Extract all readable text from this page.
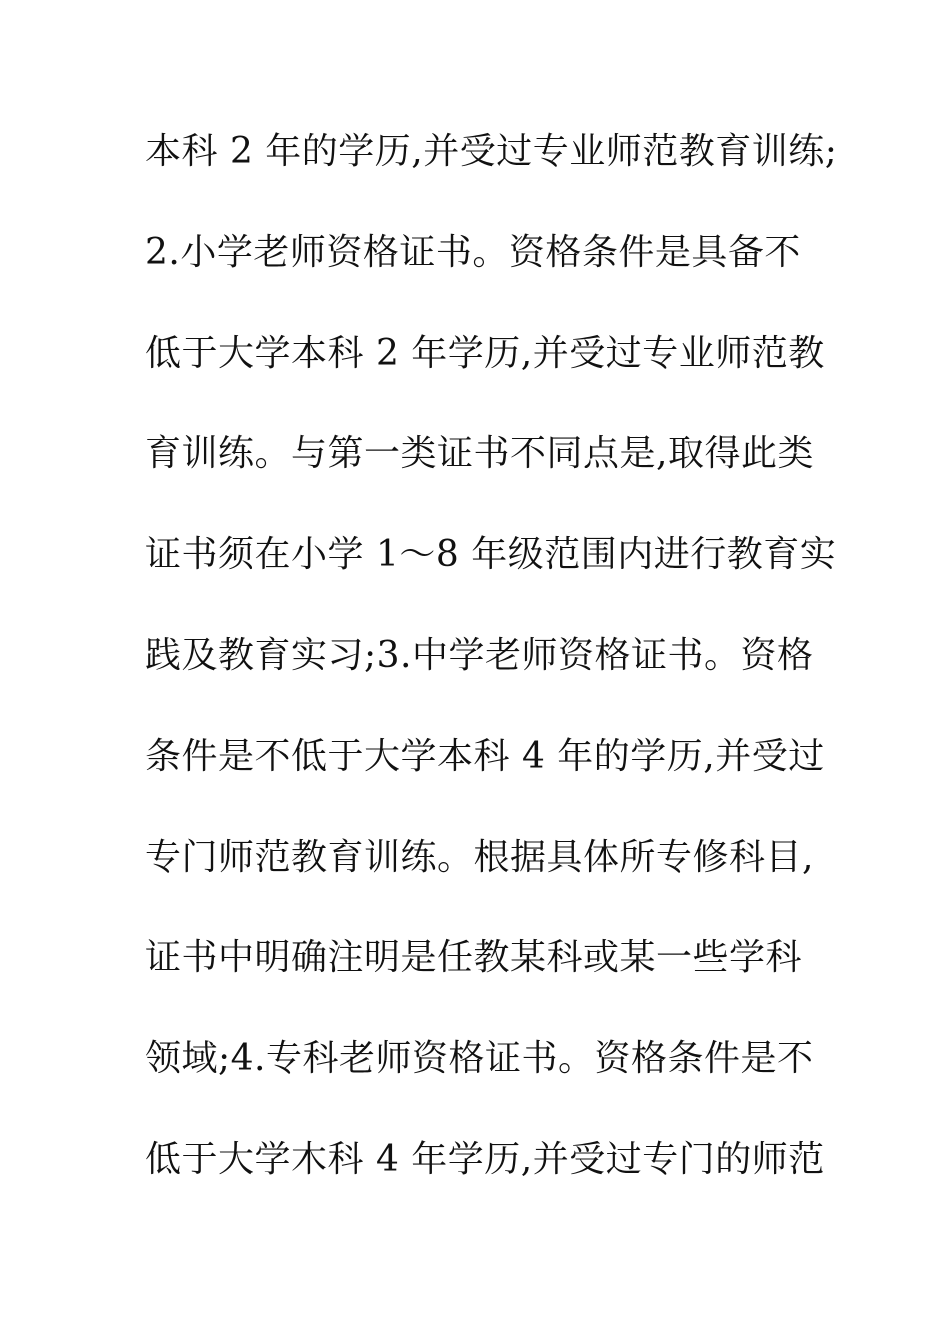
本科 2 年的学历,并受过专业师范教育训练;
2.小学老师资格证书。资格条件是具备不
低于大学本科 2 年学历,并受过专业师范教
育训练。与第一类证书不同点是,取得此类
证书须在小学 1～8 年级范围内进行教育实
践及教育实习;3.中学老师资格证书。资格
条件是不低于大学本科 4 年的学历,并受过
专门师范教育训练。根据具体所专修科目,
证书中明确注明是任教某科或某一些学科
领域;4.专科老师资格证书。资格条件是不
低于大学木科 4 年学历,并受过专门的师范
